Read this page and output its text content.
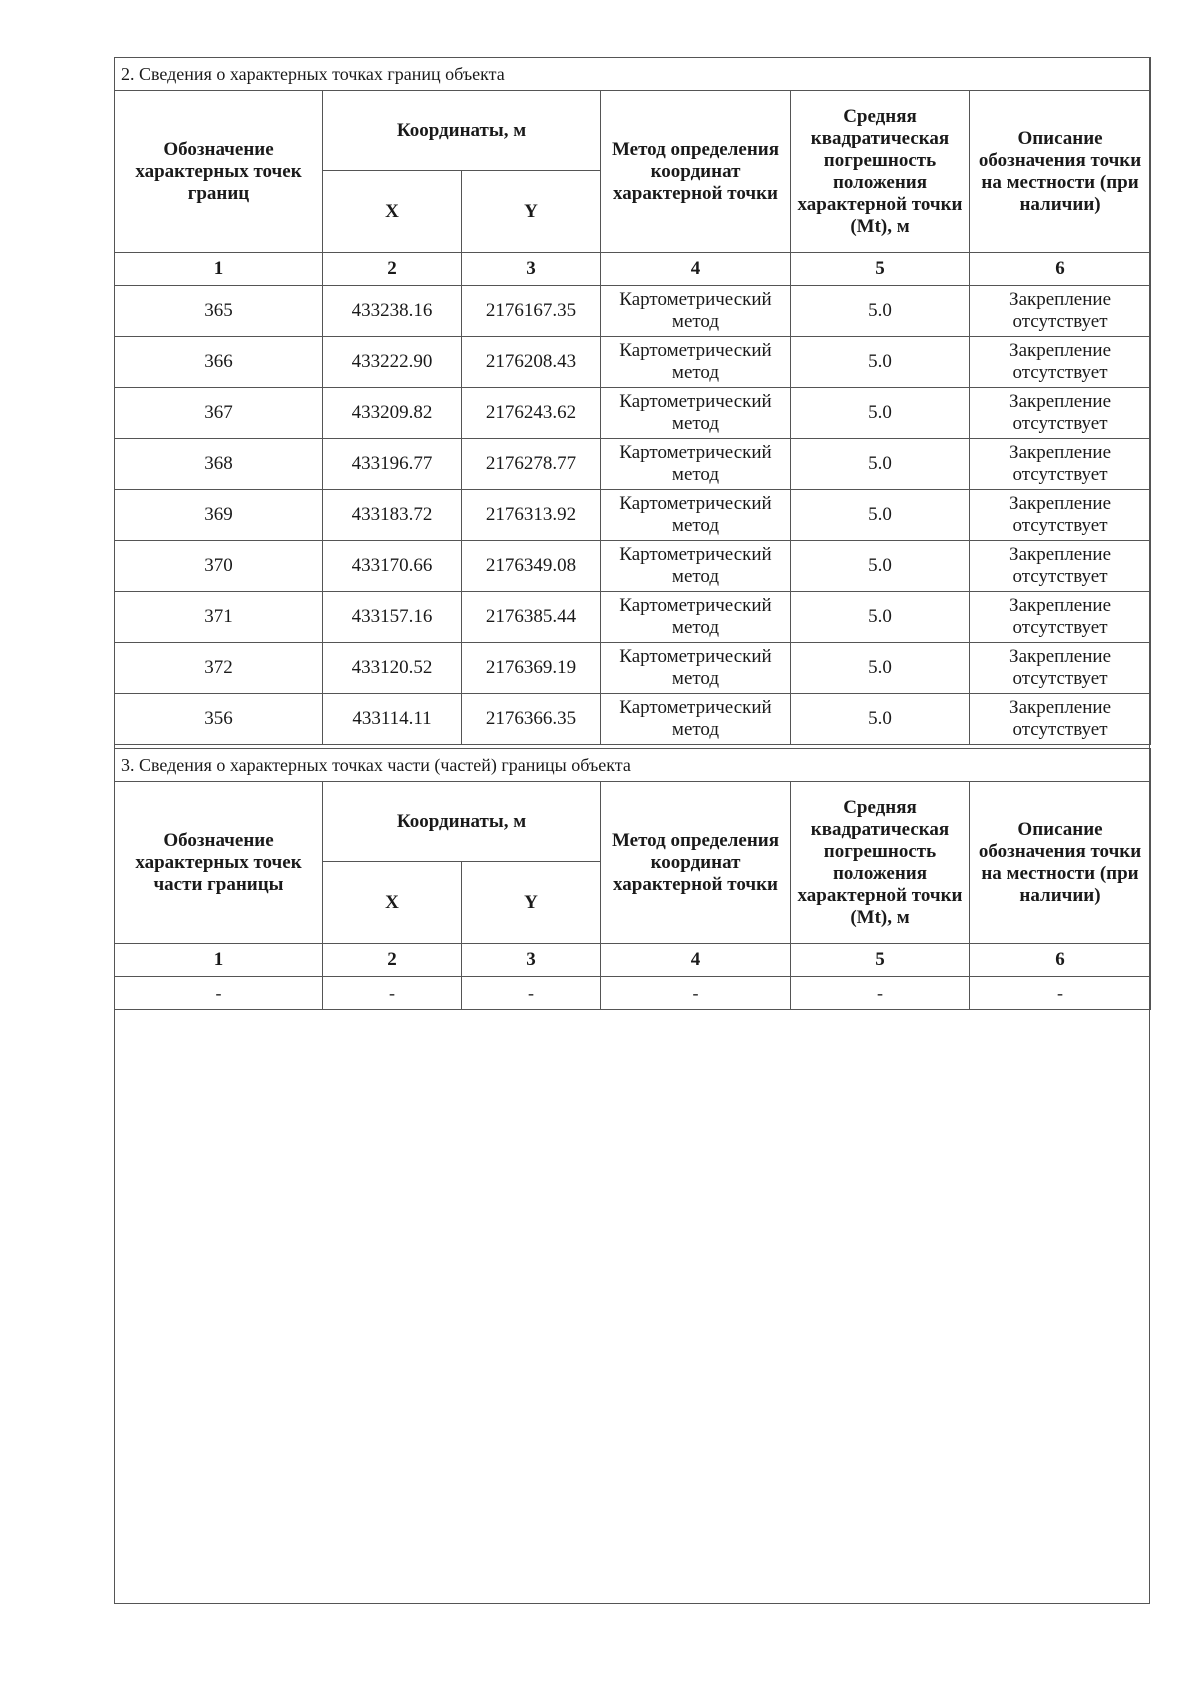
2. Сведения о характерных точках границ объекта					
Обозначение характерных точек границ	Координаты, м		Метод определения координат характерной точки	Средняя квадратическая погрешность положения характерной точки (Mt), м	Описание обозначения точки на местности (при наличии)
	X	Y			
1	2	3	4	5	6
365	433238.16	2176167.35	Картометрический метод	5.0	Закрепление отсутствует
366	433222.90	2176208.43	Картометрический метод	5.0	Закрепление отсутствует
367	433209.82	2176243.62	Картометрический метод	5.0	Закрепление отсутствует
368	433196.77	2176278.77	Картометрический метод	5.0	Закрепление отсутствует
369	433183.72	2176313.92	Картометрический метод	5.0	Закрепление отсутствует
370	433170.66	2176349.08	Картометрический метод	5.0	Закрепление отсутствует
371	433157.16	2176385.44	Картометрический метод	5.0	Закрепление отсутствует
372	433120.52	2176369.19	Картометрический метод	5.0	Закрепление отсутствует
356	433114.11	2176366.35	Картометрический метод	5.0	Закрепление отсутствует
3. Сведения о характерных точках части (частей) границы объекта					
Обозначение характерных точек части границы	Координаты, м		Метод определения координат характерной точки	Средняя квадратическая погрешность положения характерной точки (Mt), м	Описание обозначения точки на местности (при наличии)
	X	Y			
1	2	3	4	5	6
-	-	-	-	-	-
